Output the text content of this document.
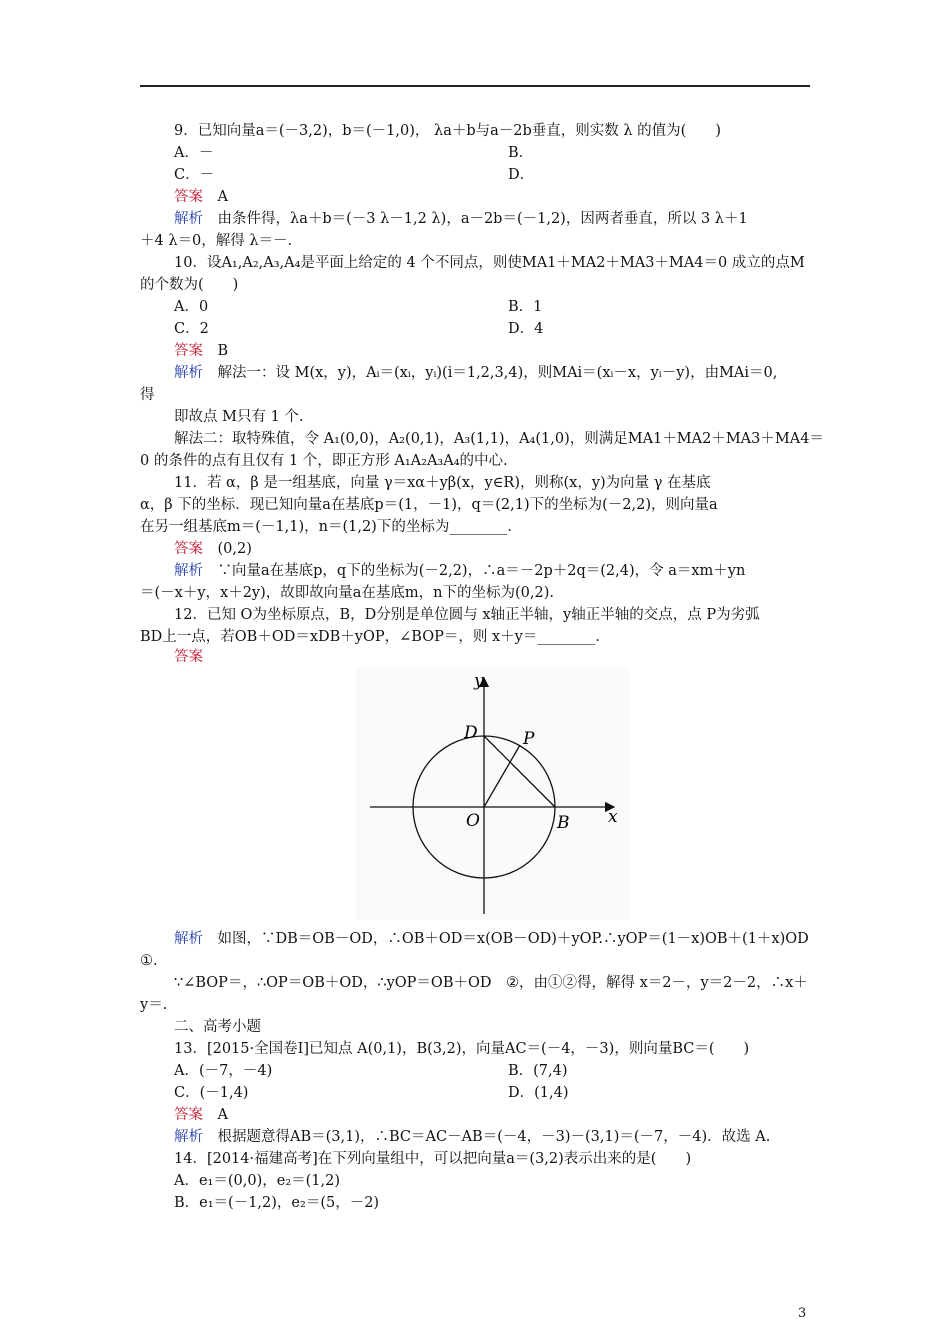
9．已知向量a＝(－3,2)，b＝(－1,0)， λa＋b与a－2b垂直，则实数 λ 的值为(　　)
A．－	B．
C．－	D．
答案　 A
解析　 由条件得，λa＋b＝(－3 λ－1,2 λ)，a－2b＝(－1,2)，因两者垂直，所以 3 λ＋1
＋4 λ＝0，解得 λ＝－.
10．设A₁,A₂,A₃,A₄是平面上给定的 4 个不同点，则使MA1＋MA2＋MA3＋MA4＝0 成立的点M
的个数为(　　)
A．0	B．1
C．2	D．4
答案　 B
解析　 解法一：设 M(x，y)，Aᵢ＝(xᵢ，yᵢ)(i＝1,2,3,4)，则MAi＝(xᵢ－x，yᵢ－y)，由MAi＝0,
得
即故点 M只有 1 个.
解法二：取特殊值，令 A₁(0,0)，A₂(0,1)，A₃(1,1)，A₄(1,0)，则满足MA1＋MA2＋MA3＋MA4＝
0 的条件的点有且仅有 1 个，即正方形 A₁A₂A₃A₄的中心.
11．若 α，β 是一组基底，向量 γ＝xα＋yβ(x，y∈R)，则称(x，y)为向量 γ 在基底
α，β 下的坐标．现已知向量a在基底p＝(1，－1)，q＝(2,1)下的坐标为(－2,2)，则向量a
在另一组基底m＝(－1,1)，n＝(1,2)下的坐标为________．
答案　 (0,2)
解析　 ∵向量a在基底p，q下的坐标为(－2,2)，∴a＝－2p＋2q＝(2,4)，令 a＝xm＋yn
＝(－x＋y，x＋2y)，故即故向量a在基底m，n下的坐标为(0,2).
12．已知 O为坐标原点，B，D分别是单位圆与 x轴正半轴，y轴正半轴的交点，点 P为劣弧
BD上一点，若OB＋OD＝xDB＋yOP，∠BOP＝，则 x＋y＝________．
答案
y
x
D	P
O	B
解析　 如图，∵DB＝OB－OD，∴OB＋OD＝x(OB－OD)＋yOP.∴yOP＝(1－x)OB＋(1＋x)OD
①.
∵∠BOP＝，∴OP＝OB＋OD，∴yOP＝OB＋OD　②，由①②得，解得 x＝2－，y＝2－2，∴x＋
y＝.
二、高考小题
13．[2015·全国卷Ⅰ]已知点 A(0,1)，B(3,2)，向量AC＝(－4，－3)，则向量BC＝(　　)
A．(－7，－4)	B．(7,4)
C．(－1,4)	D．(1,4)
答案　 A
解析　 根据题意得AB＝(3,1)，∴BC＝AC－AB＝(－4，－3)－(3,1)＝(－7，－4)．故选 A.
14．[2014·福建高考]在下列向量组中，可以把向量a＝(3,2)表示出来的是(　　)
A．e₁＝(0,0)，e₂＝(1,2)
B．e₁＝(－1,2)，e₂＝(5，－2)
3
